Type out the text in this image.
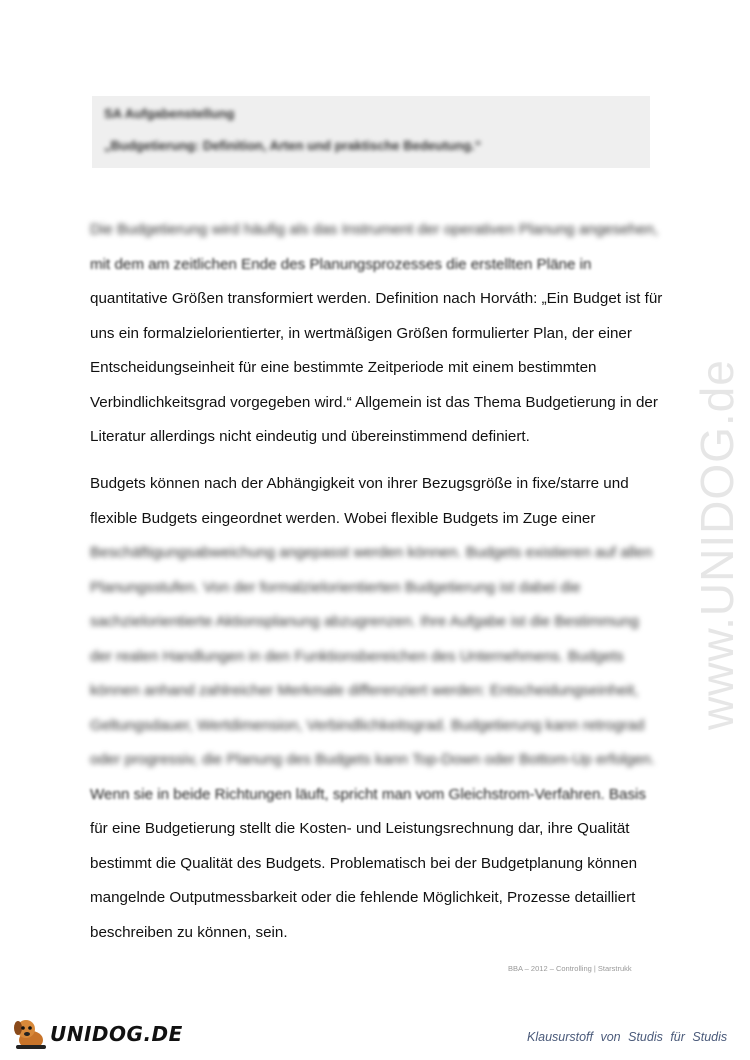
SA Aufgabenstellung
„Budgetierung: Definition, Arten und praktische Bedeutung.“
Die Budgetierung wird häufig als das Instrument der operativen Planung angesehen,
mit dem am zeitlichen Ende des Planungsprozesses die erstellten Pläne in
quantitative Größen transformiert werden. Definition nach Horváth: „Ein Budget ist für
uns ein formalzielorientierter, in wertmäßigen Größen formulierter Plan, der einer
Entscheidungseinheit für eine bestimmte Zeitperiode mit einem bestimmten
Verbindlichkeitsgrad vorgegeben wird.“ Allgemein ist das Thema Budgetierung in der
Literatur allerdings nicht eindeutig und übereinstimmend definiert.
Budgets können nach der Abhängigkeit von ihrer Bezugsgröße in fixe/starre und
flexible Budgets eingeordnet werden. Wobei flexible Budgets im Zuge einer
Beschäftigungsabweichung angepasst werden können. Budgets existieren auf allen
Planungsstufen. Von der formalzielorientierten Budgetierung ist dabei die
sachzielorientierte Aktionsplanung abzugrenzen. Ihre Aufgabe ist die Bestimmung
der realen Handlungen in den Funktionsbereichen des Unternehmens. Budgets
können anhand zahlreicher Merkmale differenziert werden: Entscheidungseinheit,
Geltungsdauer, Wertdimension, Verbindlichkeitsgrad. Budgetierung kann retrograd
oder progressiv, die Planung des Budgets kann Top-Down oder Bottom-Up erfolgen.
Wenn sie in beide Richtungen läuft, spricht man vom Gleichstrom-Verfahren. Basis
für eine Budgetierung stellt die Kosten- und Leistungsrechnung dar, ihre Qualität
bestimmt die Qualität des Budgets. Problematisch bei der Budgetplanung können
mangelnde Outputmessbarkeit oder die fehlende Möglichkeit, Prozesse detailliert
beschreiben zu können, sein.
www.UNIDOG.de
BBA – 2012 – Controlling | Starstrukk
UNIDOG.DE	Klausurstoff von Studis für Studis
